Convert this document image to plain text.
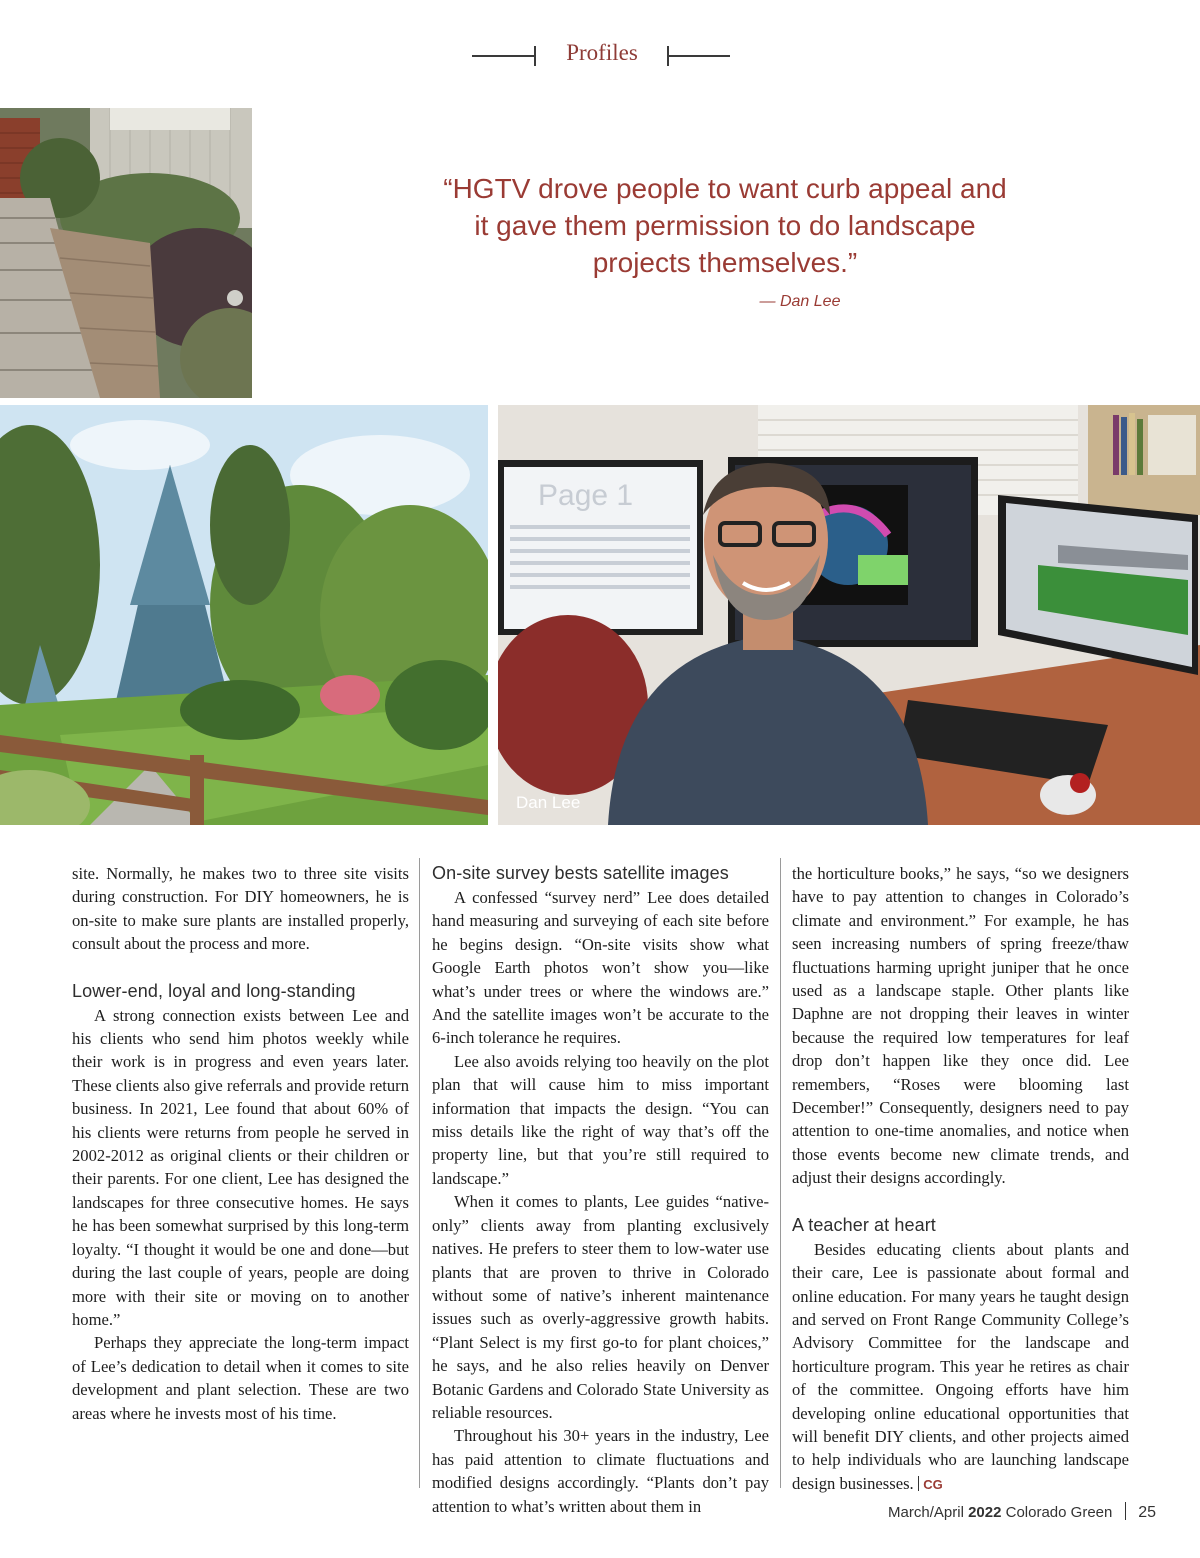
Profiles
“HGTV drove people to want curb appeal and it gave them permission to do landscape projects themselves.”
— Dan Lee
Page 1
Dan Lee

site. Normally, he makes two to three site visits during construction. For DIY homeowners, he is on-site to make sure plants are installed properly, consult about the process and more.

Lower-end, loyal and long-standing

A strong connection exists between Lee and his clients who send him photos weekly while their work is in progress and even years later. These clients also give referrals and provide return business. In 2021, Lee found that about 60% of his clients were returns from people he served in 2002-2012 as original clients or their children or their parents. For one client, Lee has designed the landscapes for three consecutive homes. He says he has been somewhat surprised by this long-term loyalty. “I thought it would be one and done—but during the last couple of years, people are doing more with their site or moving on to another home.”

Perhaps they appreciate the long-term impact of Lee’s dedication to detail when it comes to site development and plant selection. These are two areas where he invests most of his time.

On-site survey bests satellite images

A confessed “survey nerd” Lee does detailed hand measuring and surveying of each site before he begins design. “On-site visits show what Google Earth photos won’t show you—like what’s under trees or where the windows are.” And the satellite images won’t be accurate to the 6-inch tolerance he requires.

Lee also avoids relying too heavily on the plot plan that will cause him to miss important information that impacts the design. “You can miss details like the right of way that’s off the property line, but that you’re still required to landscape.”

When it comes to plants, Lee guides “native-only” clients away from planting exclusively natives. He prefers to steer them to low-water use plants that are proven to thrive in Colorado without some of native’s inherent maintenance issues such as overly-aggressive growth habits. “Plant Select is my first go-to for plant choices,” he says, and he also relies heavily on Denver Botanic Gardens and Colorado State University as reliable resources.

Throughout his 30+ years in the industry, Lee has paid attention to climate fluctuations and modified designs accordingly. “Plants don’t pay attention to what’s written about them in

the horticulture books,” he says, “so we designers have to pay attention to changes in Colorado’s climate and environment.” For example, he has seen increasing numbers of spring freeze/thaw fluctuations harming upright juniper that he once used as a landscape staple. Other plants like Daphne are not dropping their leaves in winter because the required low temperatures for leaf drop don’t happen like they once did. Lee remembers, “Roses were blooming last December!” Consequently, designers need to pay attention to one-time anomalies, and notice when those events become new climate trends, and adjust their designs accordingly.

A teacher at heart

Besides educating clients about plants and their care, Lee is passionate about formal and online education. For many years he taught design and served on Front Range Community College’s Advisory Committee for the landscape and horticulture program. This year he retires as chair of the committee. Ongoing efforts have him developing online educational opportunities that will benefit DIY clients, and other projects aimed to help individuals who are launching landscape design businesses. CG

March/April 2022 Colorado Green 25
